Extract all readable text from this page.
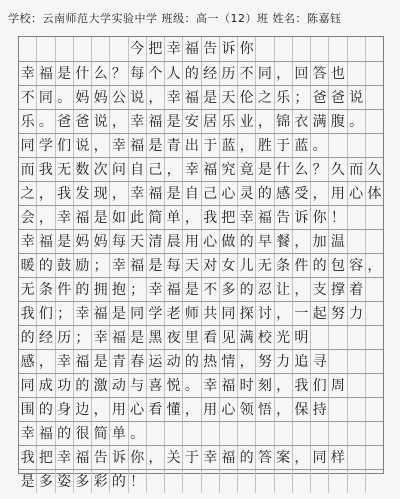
学校：云南师范大学实验中学 班级：高一（12）班 姓名：陈嘉钰
今 把 幸 福 告 诉 你
幸 福 是 什 么 ？ 每 个 人 的 经 历 不 同 ， 回 答 也
不 同 。 妈 妈 公 说 ， 幸 福 是 天 伦 之 乐 ； 爸 爸 说
乐 。 爸 爸 说 ， 幸 福 是 安 居 乐 业 ， 锦 衣 满 腹 。
同 学 们 说 ， 幸 福 是 青 出 于 蓝 ， 胜 于 蓝 。
而 我 无 数 次 问 自 己 ， 幸 福 究 竟 是 什 么 ？ 久 而 久
之 ， 我 发 现 ， 幸 福 是 自 己 心 灵 的 感 受 ， 用 心 体
会 ， 幸 福 是 如 此 简 单 ， 我 把 幸 福 告 诉 你 ！
幸 福 是 妈 妈 每 天 清 晨 用 心 做 的 早 餐 ， 加 温
暖 的 鼓 励 ； 幸 福 是 每 天 对 女 儿 无 条 件 的 包 容 ，
无 条 件 的 拥 抱 ； 幸 福 是 不 多 的 忍 让 ， 支 撑 着
我 们 ； 幸 福 是 同 学 老 师 共 同 探 讨 ， 一 起 努 力
的 经 历 ； 幸 福 是 黑 夜 里 看 见 满 校 光 明
感 ， 幸 福 是 青 春 运 动 的 热 情 ， 努 力 追 寻
同 成 功 的 激 动 与 喜 悦 。 幸 福 时 刻 ， 我 们 周
围 的 身 边 ， 用 心 看 懂 ， 用 心 领 悟 ， 保 持
幸 福 的 很 简 单 。
我 把 幸 福 告 诉 你 ， 关 于 幸 福 的 答 案 ， 同 样
是 多 姿 多 彩 的 ！
